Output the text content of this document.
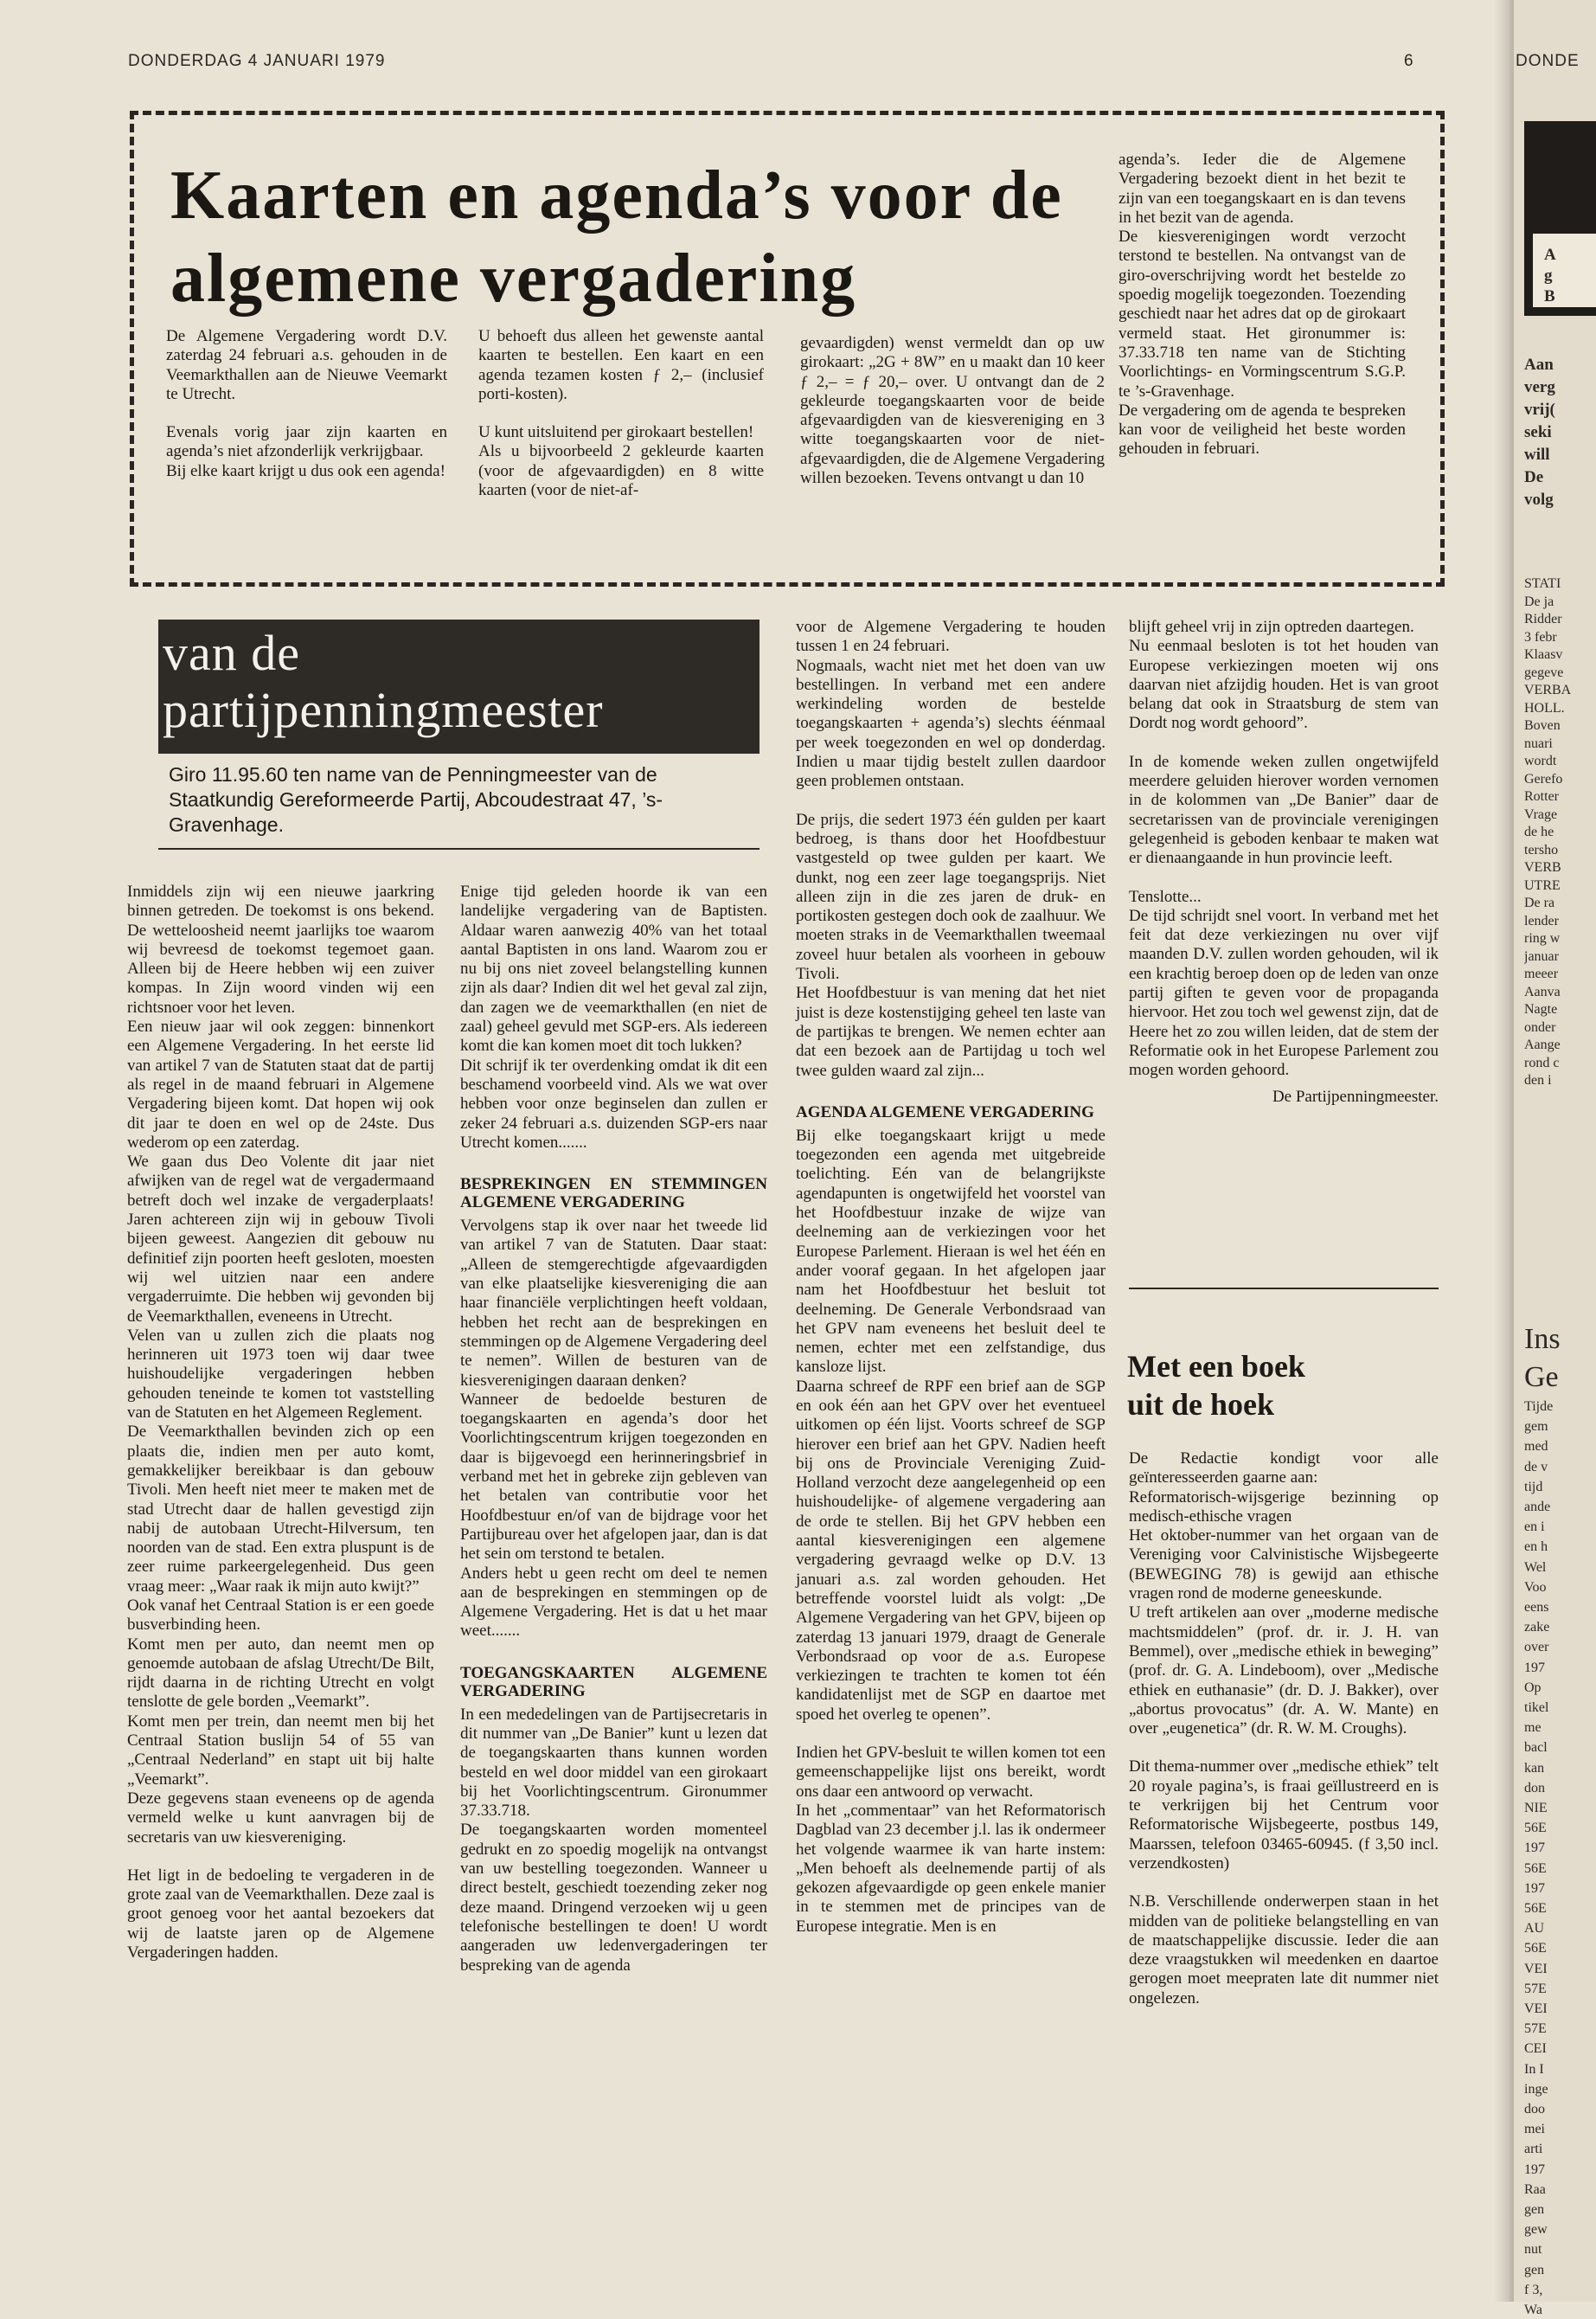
DONDERDAG 4 JANUARI 1979	6
Kaarten en agenda’s voor de
algemene vergadering

De Algemene Vergadering wordt D.V. zaterdag 24 februari a.s. gehouden in de Veemarkthallen aan de Nieuwe Veemarkt te Utrecht.

Evenals vorig jaar zijn kaarten en agenda’s niet afzonderlijk verkrijgbaar.

Bij elke kaart krijgt u dus ook een agenda!

U behoeft dus alleen het gewenste aantal kaarten te bestellen. Een kaart en een agenda tezamen kosten ƒ 2,– (inclusief porti-kosten).

U kunt uitsluitend per girokaart bestellen!

Als u bijvoorbeeld 2 gekleurde kaarten (voor de afgevaardigden) en 8 witte kaarten (voor de niet-af-

gevaardigden) wenst vermeldt dan op uw girokaart: „2G + 8W” en u maakt dan 10 keer ƒ 2,– = ƒ 20,– over. U ontvangt dan de 2 gekleurde toegangskaarten voor de beide afgevaardigden van de kiesvereniging en 3 witte toegangskaarten voor de niet-afgevaardigden, die de Algemene Vergadering willen bezoeken. Tevens ontvangt u dan 10

agenda’s. Ieder die de Algemene Vergadering bezoekt dient in het bezit te zijn van een toegangskaart en is dan tevens in het bezit van de agenda.

De kiesverenigingen wordt verzocht terstond te bestellen. Na ontvangst van de giro-overschrijving wordt het bestelde zo spoedig mogelijk toegezonden. Toezending geschiedt naar het adres dat op de girokaart vermeld staat. Het gironummer is: 37.33.718 ten name van de Stichting Voorlichtings- en Vormingscentrum S.G.P. te ’s-Gravenhage.

De vergadering om de agenda te bespreken kan voor de veiligheid het beste worden gehouden in februari.

van de
partijpenningmeester
Giro 11.95.60 ten name van de Penningmeester van de Staatkundig Gereformeerde Partij, Abcoudestraat 47, ’s-Gravenhage.

Inmiddels zijn wij een nieuwe jaarkring binnen getreden. De toekomst is ons bekend. De wetteloosheid neemt jaarlijks toe waarom wij bevreesd de toekomst tegemoet gaan. Alleen bij de Heere hebben wij een zuiver kompas. In Zijn woord vinden wij een richtsnoer voor het leven.

Een nieuw jaar wil ook zeggen: binnenkort een Algemene Vergadering. In het eerste lid van artikel 7 van de Statuten staat dat de partij als regel in de maand februari in Algemene Vergadering bijeen komt. Dat hopen wij ook dit jaar te doen en wel op de 24ste. Dus wederom op een zaterdag.

We gaan dus Deo Volente dit jaar niet afwijken van de regel wat de vergadermaand betreft doch wel inzake de vergaderplaats! Jaren achtereen zijn wij in gebouw Tivoli bijeen geweest. Aangezien dit gebouw nu definitief zijn poorten heeft gesloten, moesten wij wel uitzien naar een andere vergaderruimte. Die hebben wij gevonden bij de Veemarkthallen, eveneens in Utrecht.

Velen van u zullen zich die plaats nog herinneren uit 1973 toen wij daar twee huishoudelijke vergaderingen hebben gehouden teneinde te komen tot vaststelling van de Statuten en het Algemeen Reglement.

De Veemarkthallen bevinden zich op een plaats die, indien men per auto komt, gemakkelijker bereikbaar is dan gebouw Tivoli. Men heeft niet meer te maken met de stad Utrecht daar de hallen gevestigd zijn nabij de autobaan Utrecht-Hilversum, ten noorden van de stad. Een extra pluspunt is de zeer ruime parkeergelegenheid. Dus geen vraag meer: „Waar raak ik mijn auto kwijt?”

Ook vanaf het Centraal Station is er een goede busverbinding heen.

Komt men per auto, dan neemt men op genoemde autobaan de afslag Utrecht/De Bilt, rijdt daarna in de richting Utrecht en volgt tenslotte de gele borden „Veemarkt”.

Komt men per trein, dan neemt men bij het Centraal Station buslijn 54 of 55 van „Centraal Nederland” en stapt uit bij halte „Veemarkt”.

Deze gegevens staan eveneens op de agenda vermeld welke u kunt aanvragen bij de secretaris van uw kiesvereniging.

Het ligt in de bedoeling te vergaderen in de grote zaal van de Veemarkthallen. Deze zaal is groot genoeg voor het aantal bezoekers dat wij de laatste jaren op de Algemene Vergaderingen hadden.

Enige tijd geleden hoorde ik van een landelijke vergadering van de Baptisten. Aldaar waren aanwezig 40% van het totaal aantal Baptisten in ons land. Waarom zou er nu bij ons niet zoveel belangstelling kunnen zijn als daar? Indien dit wel het geval zal zijn, dan zagen we de veemarkthallen (en niet de zaal) geheel gevuld met SGP-ers. Als iedereen komt die kan komen moet dit toch lukken?

Dit schrijf ik ter overdenking omdat ik dit een beschamend voorbeeld vind. Als we wat over hebben voor onze beginselen dan zullen er zeker 24 februari a.s. duizenden SGP-ers naar Utrecht komen.......

BESPREKINGEN EN STEMMINGEN ALGEMENE VERGADERING

Vervolgens stap ik over naar het tweede lid van artikel 7 van de Statuten. Daar staat: „Alleen de stemgerechtigde afgevaardigden van elke plaatselijke kiesvereniging die aan haar financiële verplichtingen heeft voldaan, hebben het recht aan de besprekingen en stemmingen op de Algemene Vergadering deel te nemen”. Willen de besturen van de kiesverenigingen daaraan denken?

Wanneer de bedoelde besturen de toegangskaarten en agenda’s door het Voorlichtingscentrum krijgen toegezonden en daar is bijgevoegd een herinneringsbrief in verband met het in gebreke zijn gebleven van het betalen van contributie voor het Hoofdbestuur en/of van de bijdrage voor het Partijbureau over het afgelopen jaar, dan is dat het sein om terstond te betalen.

Anders hebt u geen recht om deel te nemen aan de besprekingen en stemmingen op de Algemene Vergadering. Het is dat u het maar weet.......

TOEGANGSKAARTEN ALGEMENE VERGADERING

In een mededelingen van de Partijsecretaris in dit nummer van „De Banier” kunt u lezen dat de toegangskaarten thans kunnen worden besteld en wel door middel van een girokaart bij het Voorlichtingscentrum. Gironummer 37.33.718.

De toegangskaarten worden momenteel gedrukt en zo spoedig mogelijk na ontvangst van uw bestelling toegezonden. Wanneer u direct bestelt, geschiedt toezending zeker nog deze maand. Dringend verzoeken wij u geen telefonische bestellingen te doen! U wordt aangeraden uw ledenvergaderingen ter bespreking van de agenda

voor de Algemene Vergadering te houden tussen 1 en 24 februari.

Nogmaals, wacht niet met het doen van uw bestellingen. In verband met een andere werkindeling worden de bestelde toegangskaarten + agenda’s) slechts éénmaal per week toegezonden en wel op donderdag. Indien u maar tijdig bestelt zullen daardoor geen problemen ontstaan.

De prijs, die sedert 1973 één gulden per kaart bedroeg, is thans door het Hoofdbestuur vastgesteld op twee gulden per kaart. We dunkt, nog een zeer lage toegangsprijs. Niet alleen zijn in die zes jaren de druk- en portikosten gestegen doch ook de zaalhuur. We moeten straks in de Veemarkthallen tweemaal zoveel huur betalen als voorheen in gebouw Tivoli.

Het Hoofdbestuur is van mening dat het niet juist is deze kostenstijging geheel ten laste van de partijkas te brengen. We nemen echter aan dat een bezoek aan de Partijdag u toch wel twee gulden waard zal zijn...

AGENDA ALGEMENE VERGADERING

Bij elke toegangskaart krijgt u mede toegezonden een agenda met uitgebreide toelichting. Eén van de belangrijkste agendapunten is ongetwijfeld het voorstel van het Hoofdbestuur inzake de wijze van deelneming aan de verkiezingen voor het Europese Parlement. Hieraan is wel het één en ander vooraf gegaan. In het afgelopen jaar nam het Hoofdbestuur het besluit tot deelneming. De Generale Verbondsraad van het GPV nam eveneens het besluit deel te nemen, echter met een zelfstandige, dus kansloze lijst.

Daarna schreef de RPF een brief aan de SGP en ook één aan het GPV over het eventueel uitkomen op één lijst. Voorts schreef de SGP hierover een brief aan het GPV. Nadien heeft bij ons de Provinciale Vereniging Zuid-Holland verzocht deze aangelegenheid op een huishoudelijke- of algemene vergadering aan de orde te stellen. Bij het GPV hebben een aantal kiesverenigingen een algemene vergadering gevraagd welke op D.V. 13 januari a.s. zal worden gehouden. Het betreffende voorstel luidt als volgt: „De Algemene Vergadering van het GPV, bijeen op zaterdag 13 januari 1979, draagt de Generale Verbondsraad op voor de a.s. Europese verkiezingen te trachten te komen tot één kandidatenlijst met de SGP en daartoe met spoed het overleg te openen”.

Indien het GPV-besluit te willen komen tot een gemeenschappelijke lijst ons bereikt, wordt ons daar een antwoord op verwacht.

In het „commentaar” van het Reformatorisch Dagblad van 23 december j.l. las ik ondermeer het volgende waarmee ik van harte instem: „Men behoeft als deelnemende partij of als gekozen afgevaardigde op geen enkele manier in te stemmen met de principes van de Europese integratie. Men is en

blijft geheel vrij in zijn optreden daartegen.

Nu eenmaal besloten is tot het houden van Europese verkiezingen moeten wij ons daarvan niet afzijdig houden. Het is van groot belang dat ook in Straatsburg de stem van Dordt nog wordt gehoord”.

In de komende weken zullen ongetwijfeld meerdere geluiden hierover worden vernomen in de kolommen van „De Banier” daar de secretarissen van de provinciale verenigingen gelegenheid is geboden kenbaar te maken wat er dienaangaande in hun provincie leeft.

Tenslotte...

De tijd schrijdt snel voort. In verband met het feit dat deze verkiezingen nu over vijf maanden D.V. zullen worden gehouden, wil ik een krachtig beroep doen op de leden van onze partij giften te geven voor de propaganda hiervoor. Het zou toch wel gewenst zijn, dat de Heere het zo zou willen leiden, dat de stem der Reformatie ook in het Europese Parlement zou mogen worden gehoord.

De Partijpenningmeester.

Met een boek
uit de hoek

De Redactie kondigt voor alle geïnteresseerden gaarne aan:

Reformatorisch-wijsgerige bezinning op medisch-ethische vragen

Het oktober-nummer van het orgaan van de Vereniging voor Calvinistische Wijsbegeerte (BEWEGING 78) is gewijd aan ethische vragen rond de moderne geneeskunde.

U treft artikelen aan over „moderne medische machtsmiddelen” (prof. dr. ir. J. H. van Bemmel), over „medische ethiek in beweging” (prof. dr. G. A. Lindeboom), over „Medische ethiek en euthanasie” (dr. D. J. Bakker), over „abortus provocatus” (dr. A. W. Mante) en over „eugenetica” (dr. R. W. M. Croughs).

Dit thema-nummer over „medische ethiek” telt 20 royale pagina’s, is fraai geïllustreerd en is te verkrijgen bij het Centrum voor Reformatorische Wijsbegeerte, postbus 149, Maarssen, telefoon 03465-60945. (f 3,50 incl. verzendkosten)

N.B. Verschillende onderwerpen staan in het midden van de politieke belangstelling en van de maatschappelijke discussie. Ieder die aan deze vraagstukken wil meedenken en daartoe gerogen moet meepraten late dit nummer niet ongelezen.

DONDE
A
g
B
Aan
verg
vrij(
seki
will
De
volg
STATI
De ja
Ridder
3 febr
Klaasv
gegeve
VERBA
HOLL.
Boven
nuari
wordt
Gerefo
Rotter
Vrage
de he
tersho
VERB
UTRE
De ra
lender
ring w
januar
meeer
Aanva
Nagte
onder
Aange
rond c
den i
Ins
Ge
Tijde
gem
med
de v
tijd
ande
en i
en h
Wel
Voo
eens
zake
over
197
Op
tikel
me
bacl
kan
don
NIE
56E
197
56E
197
56E
AU
56E
VEI
57E
VEI
57E
CEI
In I
inge
doo
mei
arti
197
Raa
gen
gew
nut
gen
f 3,
Wa
